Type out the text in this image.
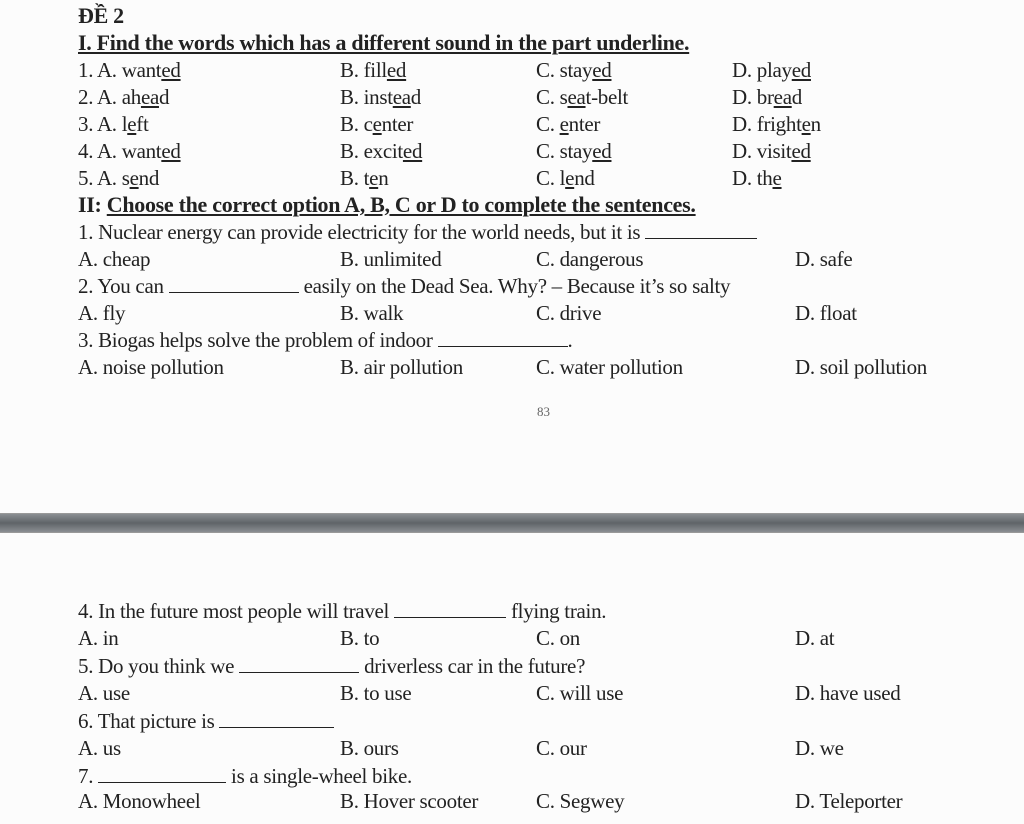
ĐỀ 2
I. Find the words which has a different sound in the part underline.
1. A. wanted	B. filled	C. stayed	D. played
2. A. ahead	B. instead	C. seat-belt	D. bread
3. A. left	B. center	C. enter	D. frighten
4. A. wanted	B. excited	C. stayed	D. visited
5. A. send	B. ten	C. lend	D. the
II: Choose the correct option A, B, C or D to complete the sentences.
1. Nuclear energy can provide electricity for the world needs, but it is
A. cheap	B. unlimited	C. dangerous	D. safe
2. You can	easily on the Dead Sea. Why? – Because it’s so salty
A. fly	B. walk	C. drive	D. float
3. Biogas helps solve the problem of indoor	.
A. noise pollution	B. air pollution	C. water pollution	D. soil pollution
83
4. In the future most people will travel	flying train.
A. in	B. to	C. on	D. at
5. Do you think we	driverless car in the future?
A. use	B. to use	C. will use	D. have used
6. That picture is
A. us	B. ours	C. our	D. we
7.	is a single-wheel bike.
A. Monowheel	B. Hover scooter	C. Segwey	D. Teleporter
